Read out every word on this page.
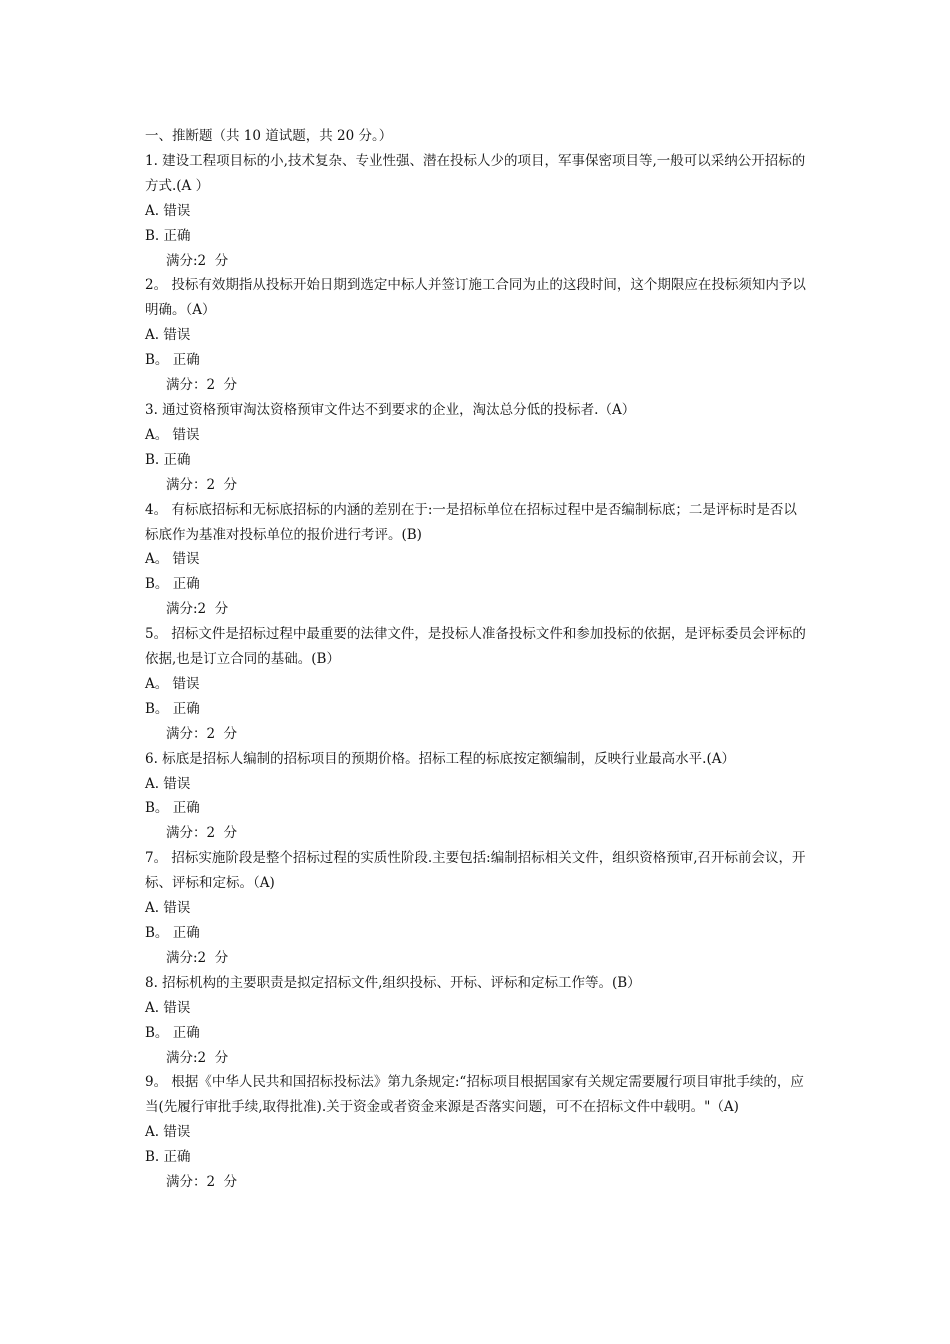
一、推断题（共 10 道试题，共 20 分。）

1. 建设工程项目标的小,技术复杂、专业性强、潜在投标人少的项目，军事保密项目等,一般可以采纳公开招标的方式.(A ）

A. 错误

B. 正确

满分:2  分

2。 投标有效期指从投标开始日期到选定中标人并签订施工合同为止的这段时间，这个期限应在投标须知内予以明确。（A）

A. 错误

B。 正确

满分：2  分

3. 通过资格预审淘汰资格预审文件达不到要求的企业，淘汰总分低的投标者.（A）

A。 错误

B. 正确

满分：2  分

4。 有标底招标和无标底招标的内涵的差别在于:一是招标单位在招标过程中是否编制标底；二是评标时是否以标底作为基准对投标单位的报价进行考评。(B)

A。 错误

B。 正确

满分:2  分

5。 招标文件是招标过程中最重要的法律文件，是投标人准备投标文件和参加投标的依据，是评标委员会评标的依据,也是订立合同的基础。(B）

A。 错误

B。 正确

满分：2  分

6. 标底是招标人编制的招标项目的预期价格。招标工程的标底按定额编制，反映行业最高水平.(A）

A. 错误

B。 正确

满分：2  分

7。 招标实施阶段是整个招标过程的实质性阶段.主要包括:编制招标相关文件，组织资格预审,召开标前会议，开标、评标和定标。（A)

A. 错误

B。 正确

满分:2  分

8. 招标机构的主要职责是拟定招标文件,组织投标、开标、评标和定标工作等。(B）

A. 错误

B。 正确

满分:2  分

9。 根据《中华人民共和国招标投标法》第九条规定:“招标项目根据国家有关规定需要履行项目审批手续的，应当(先履行审批手续,取得批准).关于资金或者资金来源是否落实问题，可不在招标文件中载明。"（A)

A. 错误

B. 正确

满分：2  分
